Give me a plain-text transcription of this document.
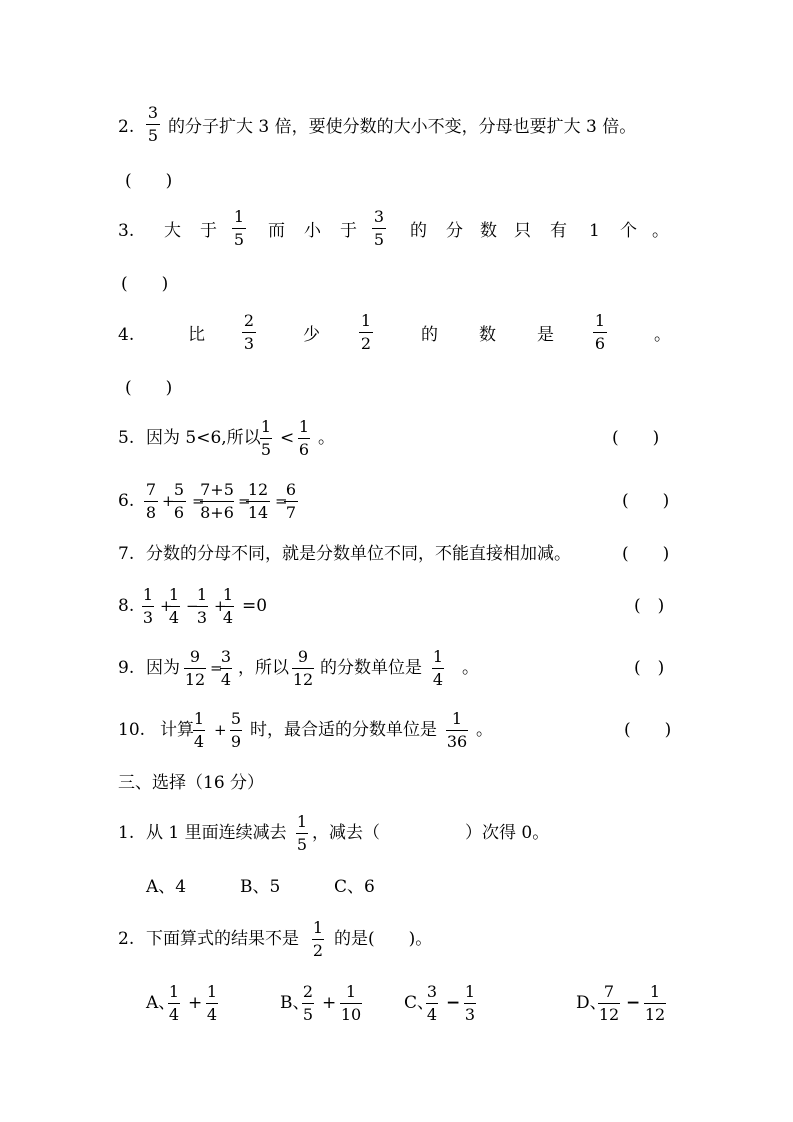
2.
3
5 的分子扩大 3 倍，要使分数的大小不变，分母也要扩大 3 倍。
(　　)
3. 大 于
1
5 而 小 于
3
5 的 分 数 只 有 1 个 。
(　　)
4.	比
2
3	少
1
2	的 数 是
1
6	。
(　　)
5. 因为 5<6,所以
1
5
<
1
6
。	(　　)
6.
7
8
+
5
6
=
7+5
8+6
=
12
14
=
6
7
(　　)
7. 分数的分母不同，就是分数单位不同，不能直接相加减。	(　　)
8.
1
3
+
1
4
−
1
3
+
1
4
=0	(　)
9. 因为
9
12
=
3
4
，所以
9
12
的分数单位是
1
4
。	(　)
10. 计算
1
4
+
5
9
时，最合适的分数单位是
1
36
。	(　　)
三、选择（16 分）
1. 从 1 里面连续减去
1
5
，减去（　　　　　）次得 0。
A、4	B、5	C、6
2. 下面算式的结果不是
1
2
的是(　　)。
A、
1
4
+
1
4
B、
2
5
+
1
10
C、
3
4
−
1
3
D、
7
12
−
1
12
